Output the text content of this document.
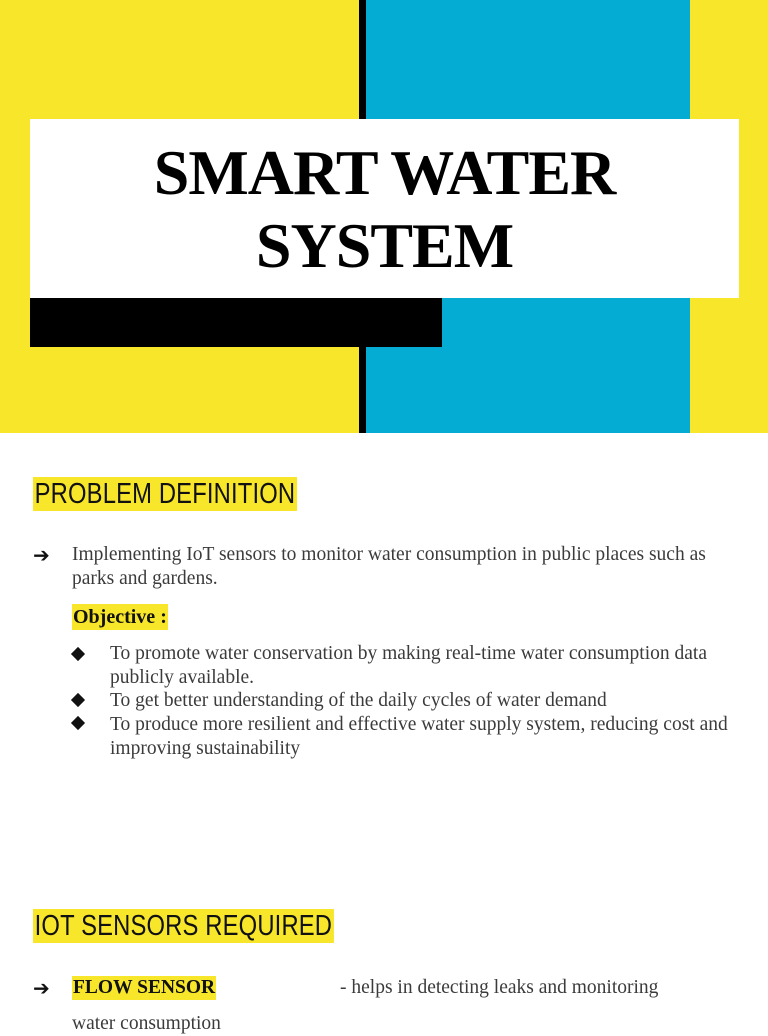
SMART WATER SYSTEM
PROBLEM DEFINITION
➔ Implementing IoT sensors to monitor water consumption in public places such as parks and gardens.
Objective :
To promote water conservation by making real-time water consumption data publicly available.
To get better understanding of the daily cycles of water demand
To produce more resilient and effective water supply system, reducing cost and improving sustainability
IOT SENSORS REQUIRED
➔ FLOW SENSOR	- helps in detecting leaks and monitoring
water consumption
